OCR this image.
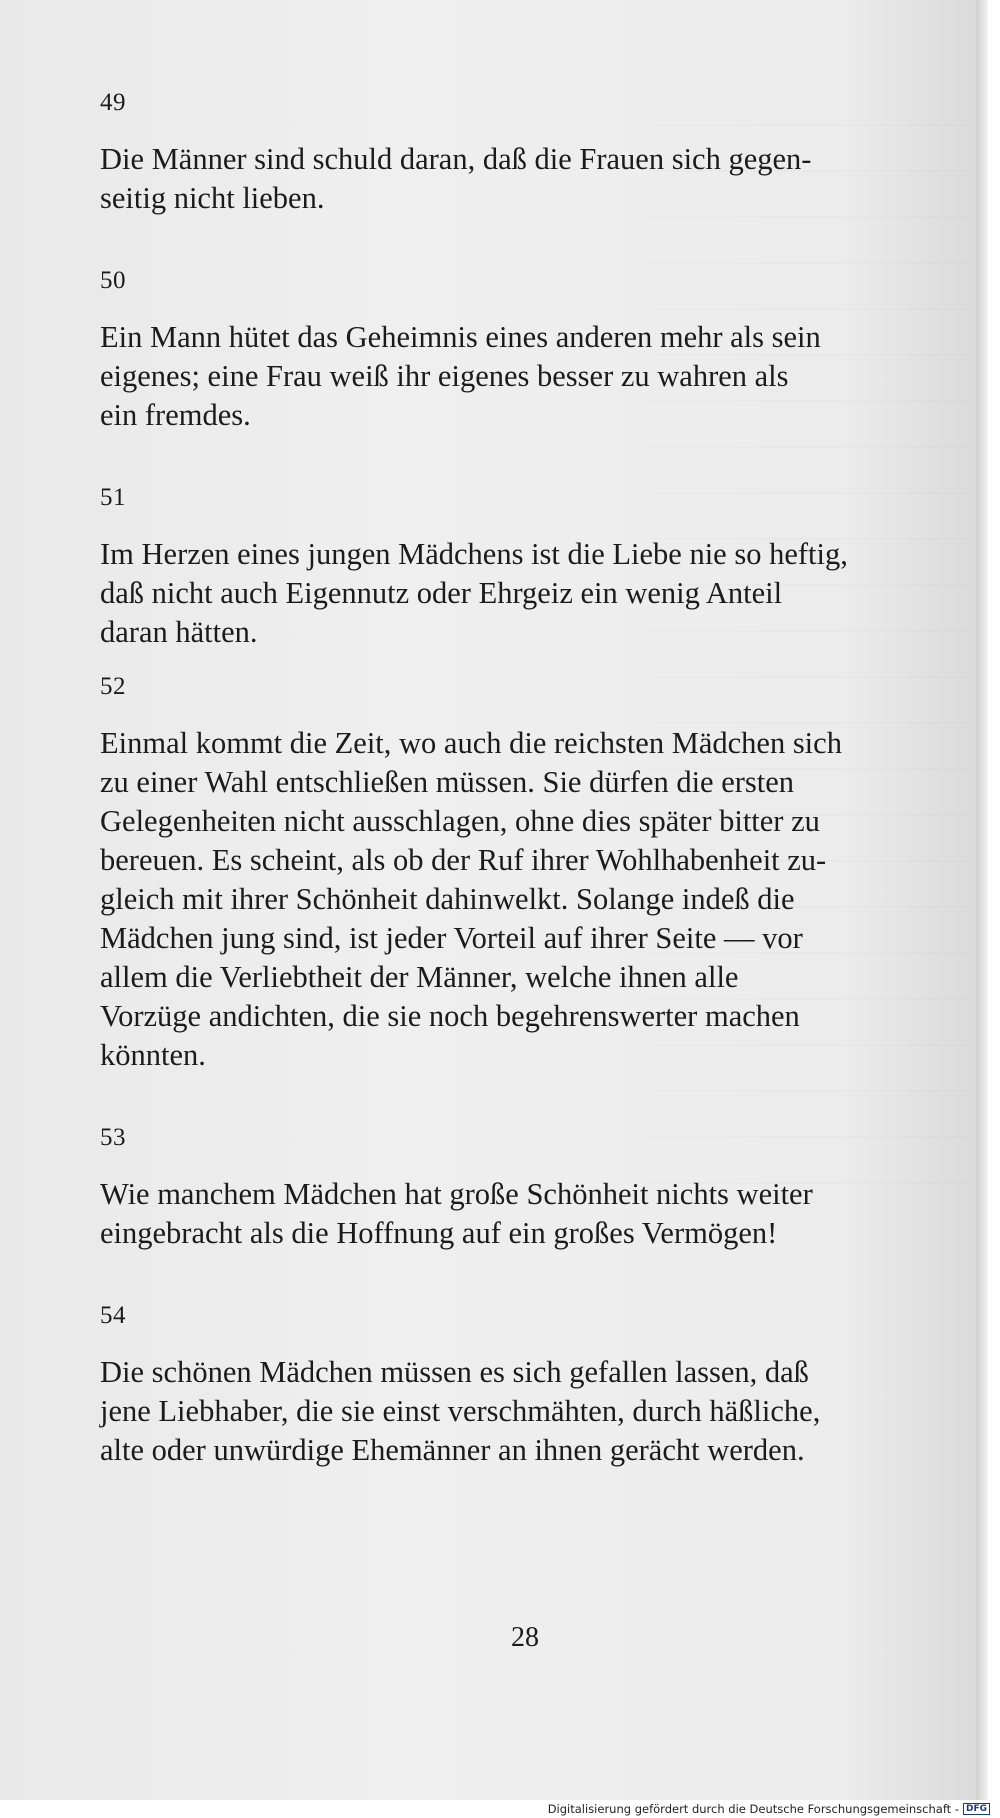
49

Die Männer sind schuld daran, daß die Frauen sich gegen-
seitig nicht lieben.

50

Ein Mann hütet das Geheimnis eines anderen mehr als sein
eigenes; eine Frau weiß ihr eigenes besser zu wahren als
ein fremdes.

51

Im Herzen eines jungen Mädchens ist die Liebe nie so heftig,
daß nicht auch Eigennutz oder Ehrgeiz ein wenig Anteil
daran hätten.

52

Einmal kommt die Zeit, wo auch die reichsten Mädchen sich
zu einer Wahl entschließen müssen. Sie dürfen die ersten
Gelegenheiten nicht ausschlagen, ohne dies später bitter zu
bereuen. Es scheint, als ob der Ruf ihrer Wohlhabenheit zu-
gleich mit ihrer Schönheit dahinwelkt. Solange indeß die
Mädchen jung sind, ist jeder Vorteil auf ihrer Seite — vor
allem die Verliebtheit der Männer, welche ihnen alle
Vorzüge andichten, die sie noch begehrenswerter machen
könnten.

53

Wie manchem Mädchen hat große Schönheit nichts weiter
eingebracht als die Hoffnung auf ein großes Vermögen!

54

Die schönen Mädchen müssen es sich gefallen lassen, daß
jene Liebhaber, die sie einst verschmähten, durch häßliche,
alte oder unwürdige Ehemänner an ihnen gerächt werden.

28
Digitalisierung gefördert durch die Deutsche Forschungsgemeinschaft - DFG
